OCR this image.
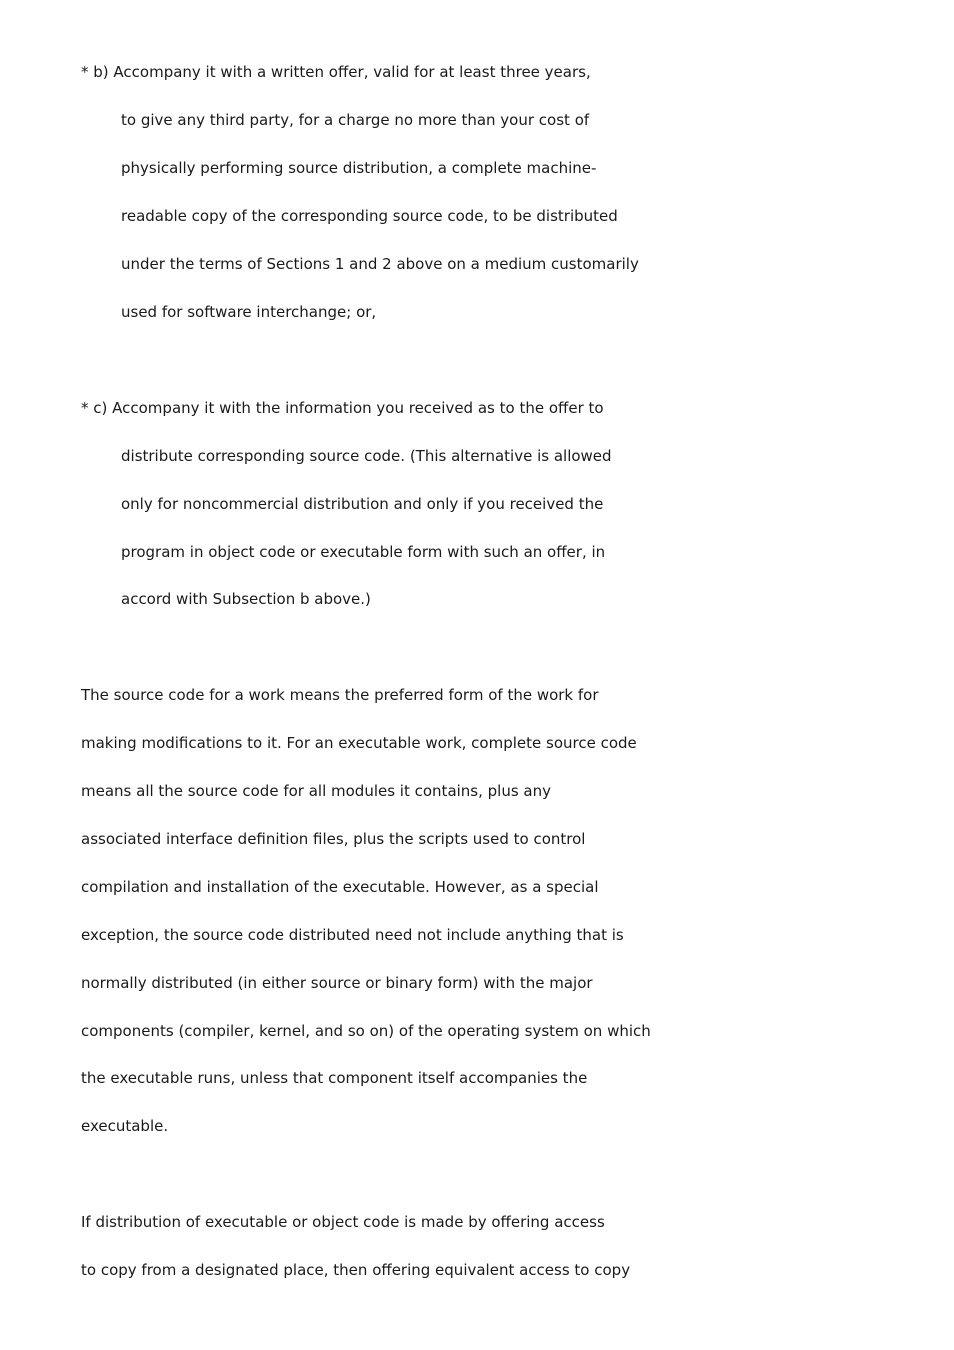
* b) Accompany it with a written offer, valid for at least three years,
to give any third party, for a charge no more than your cost of
physically performing source distribution, a complete machine-
readable copy of the corresponding source code, to be distributed
under the terms of Sections 1 and 2 above on a medium customarily
used for software interchange; or,
* c) Accompany it with the information you received as to the offer to
distribute corresponding source code. (This alternative is allowed
only for noncommercial distribution and only if you received the
program in object code or executable form with such an offer, in
accord with Subsection b above.)
The source code for a work means the preferred form of the work for
making modifications to it. For an executable work, complete source code
means all the source code for all modules it contains, plus any
associated interface definition files, plus the scripts used to control
compilation and installation of the executable. However, as a special
exception, the source code distributed need not include anything that is
normally distributed (in either source or binary form) with the major
components (compiler, kernel, and so on) of the operating system on which
the executable runs, unless that component itself accompanies the
executable.
If distribution of executable or object code is made by offering access
to copy from a designated place, then offering equivalent access to copy
